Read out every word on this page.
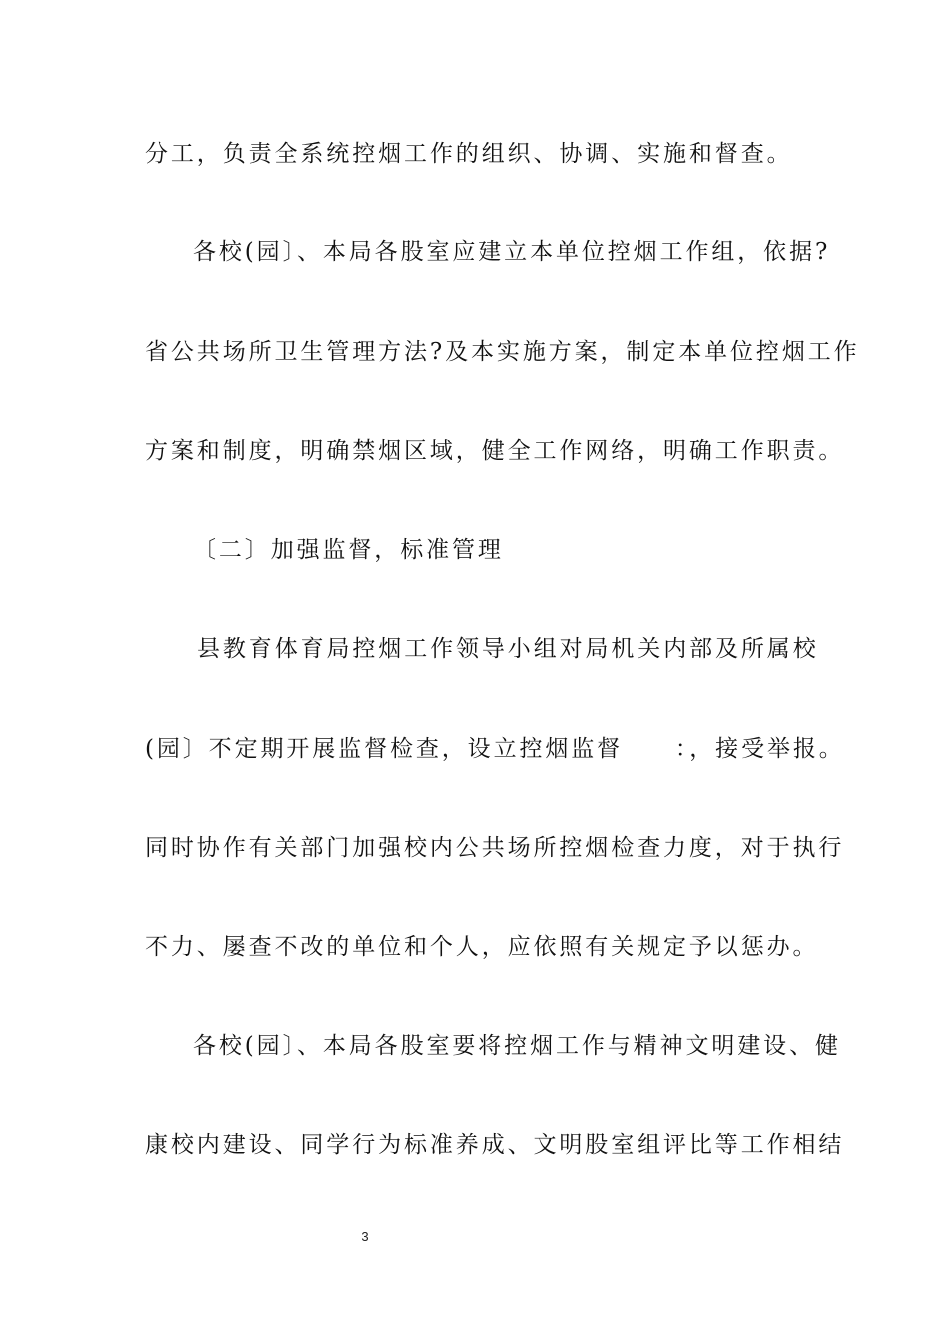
分工，负责全系统控烟工作的组织、协调、实施和督查。
各校(园〕、本局各股室应建立本单位控烟工作组，依据?
省公共场所卫生管理方法?及本实施方案，制定本单位控烟工作
方案和制度，明确禁烟区域，健全工作网络，明确工作职责。
〔二〕加强监督，标准管理
县教育体育局控烟工作领导小组对局机关内部及所属校
(园〕不定期开展监督检查，设立控烟监督　　：，接受举报。
同时协作有关部门加强校内公共场所控烟检查力度，对于执行
不力、屡查不改的单位和个人，应依照有关规定予以惩办。
各校(园〕、本局各股室要将控烟工作与精神文明建设、健
康校内建设、同学行为标准养成、文明股室组评比等工作相结
3
